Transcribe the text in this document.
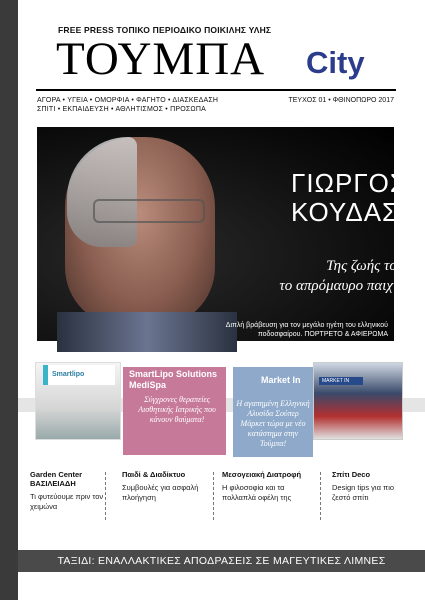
FREE PRESS ΤΟΠΙΚΟ ΠΕΡΙΟΔΙΚΟ ΠΟΙΚΙΛΗΣ ΥΛΗΣ
ΤΟΥΜΠΑ City
ΑΓΟΡΑ • ΥΓΕΙΑ • ΟΜΟΡΦΙΑ • ΦΑΓΗΤΟ • ΔΙΑΣΚΕΔΑΣΗ
ΣΠΙΤΙ • ΕΚΠΑΙΔΕΥΣΗ • ΑΘΛΗΤΙΣΜΟΣ • ΠΡΟΣΩΠΑ
ΤΕΥΧΟΣ 01 • ΦΘΙΝΟΠΩΡΟ 2017
ΓΙΩΡΓΟΣ
ΚΟΥΔΑΣ
Της ζωής του...
το απρόμαυρο παιχνίδι
Διπλή βράβευση για τον μεγάλο ηγέτη του ελληνικού
ποδοσφαίρου. ΠΟΡΤΡΕΤΟ & ΑΦΙΕΡΩΜΑ
Smartlipo	SmartLipo Solutions MediSpa
Σύγχρονες θεραπείες Αισθητικής Ιατρικής που κάνουν θαύματα!
Market In
Η αγαπημένη Ελληνική Αλυσίδα Σούπερ Μάρκετ τώρα με νέο κατάστημα στην Τούμπα!
MARKET IN
Garden Center ΒΑΣΙΛΕΙΑΔΗ
Τι φυτεύουμε πριν τον χειμώνα
Παιδί & Διαδίκτυο
Συμβουλές για ασφαλή πλοήγηση
Μεσογειακή Διατροφή
Η φιλοσοφία και τα πολλαπλά οφέλη της
Σπίτι Deco
Design tips για πιο ζεστό σπίτι
ΤΑΞΙΔΙ: ΕΝΑΛΛΑΚΤΙΚΕΣ ΑΠΟΔΡΑΣΕΙΣ ΣΕ ΜΑΓΕΥΤΙΚΕΣ ΛΙΜΝΕΣ
